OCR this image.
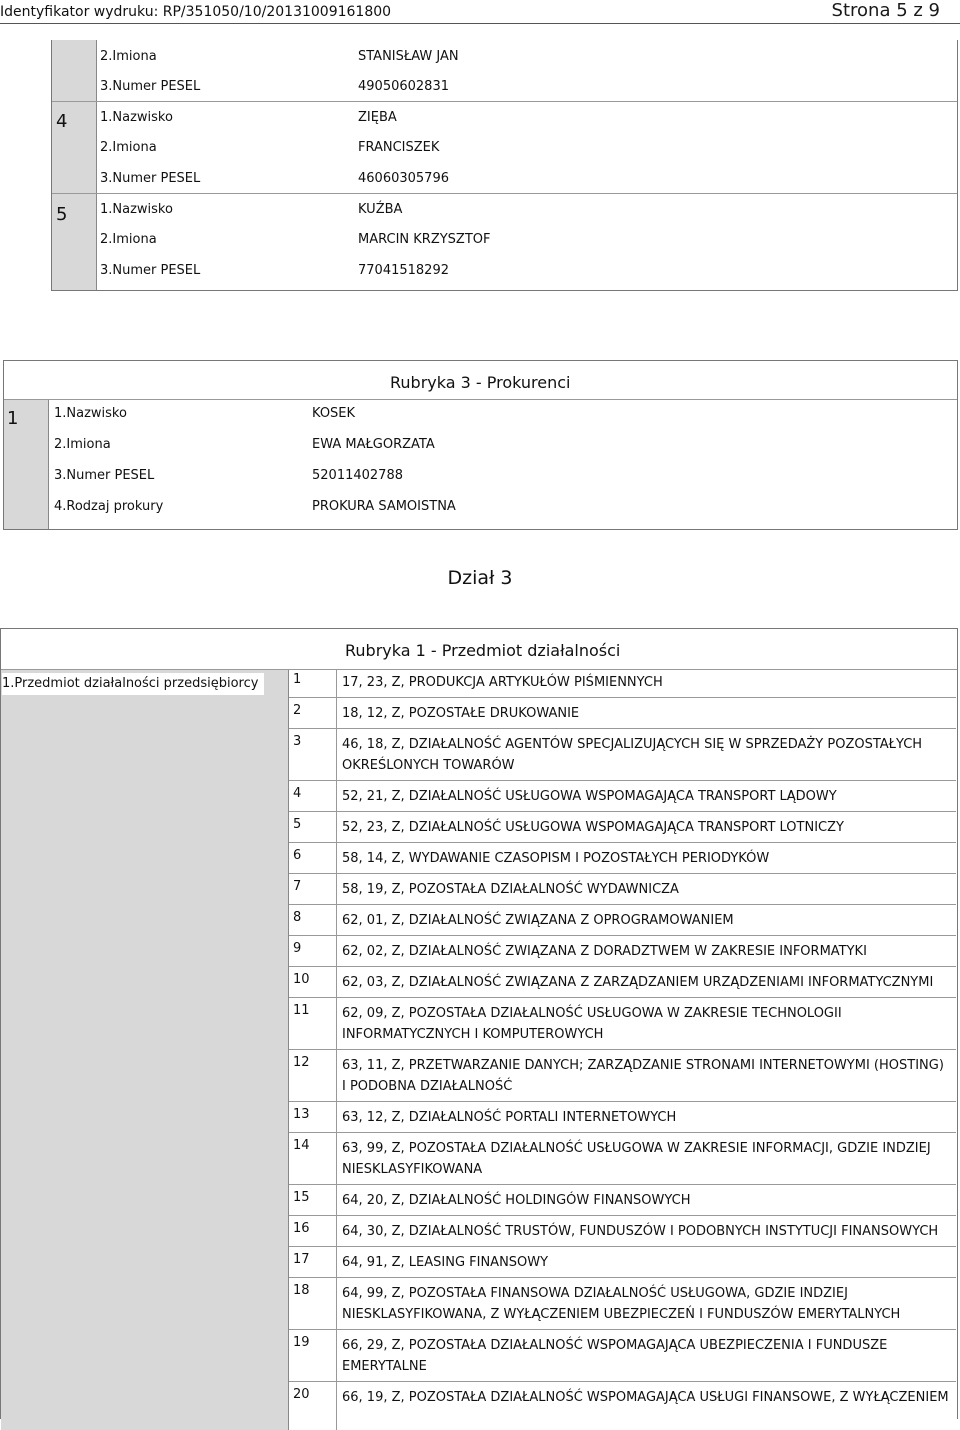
Identyfikator wydruku: RP/351050/10/20131009161800	Strona 5 z 9
2.Imiona	STANISŁAW JAN
3.Numer PESEL	49050602831
4	1.Nazwisko	ZIĘBA
2.Imiona	FRANCISZEK
3.Numer PESEL	46060305796
5	1.Nazwisko	KUŹBA
2.Imiona	MARCIN KRZYSZTOF
3.Numer PESEL	77041518292
Rubryka 3 - Prokurenci
1	1.Nazwisko	KOSEK
2.Imiona	EWA MAŁGORZATA
3.Numer PESEL	52011402788
4.Rodzaj prokury	PROKURA SAMOISTNA
Dział 3
Rubryka 1 - Przedmiot działalności
1.Przedmiot działalności przedsiębiorcy	1	17, 23, Z, PRODUKCJA ARTYKUŁÓW PIŚMIENNYCH
2	18, 12, Z, POZOSTAŁE DRUKOWANIE
3	46, 18, Z, DZIAŁALNOŚĆ AGENTÓW SPECJALIZUJĄCYCH SIĘ W SPRZEDAŻY POZOSTAŁYCH OKREŚLONYCH TOWARÓW
4	52, 21, Z, DZIAŁALNOŚĆ USŁUGOWA WSPOMAGAJĄCA TRANSPORT LĄDOWY
5	52, 23, Z, DZIAŁALNOŚĆ USŁUGOWA WSPOMAGAJĄCA TRANSPORT LOTNICZY
6	58, 14, Z, WYDAWANIE CZASOPISM I POZOSTAŁYCH PERIODYKÓW
7	58, 19, Z, POZOSTAŁA DZIAŁALNOŚĆ WYDAWNICZA
8	62, 01, Z, DZIAŁALNOŚĆ ZWIĄZANA Z OPROGRAMOWANIEM
9	62, 02, Z, DZIAŁALNOŚĆ ZWIĄZANA Z DORADZTWEM W ZAKRESIE INFORMATYKI
10 62, 03, Z, DZIAŁALNOŚĆ ZWIĄZANA Z ZARZĄDZANIEM URZĄDZENIAMI INFORMATYCZNYMI
11 62, 09, Z, POZOSTAŁA DZIAŁALNOŚĆ USŁUGOWA W ZAKRESIE TECHNOLOGII INFORMATYCZNYCH I KOMPUTEROWYCH
12 63, 11, Z, PRZETWARZANIE DANYCH; ZARZĄDZANIE STRONAMI INTERNETOWYMI (HOSTING) I PODOBNA DZIAŁALNOŚĆ
13 63, 12, Z, DZIAŁALNOŚĆ PORTALI INTERNETOWYCH
14 63, 99, Z, POZOSTAŁA DZIAŁALNOŚĆ USŁUGOWA W ZAKRESIE INFORMACJI, GDZIE INDZIEJ NIESKLASYFIKOWANA
15 64, 20, Z, DZIAŁALNOŚĆ HOLDINGÓW FINANSOWYCH
16 64, 30, Z, DZIAŁALNOŚĆ TRUSTÓW, FUNDUSZÓW I PODOBNYCH INSTYTUCJI FINANSOWYCH
17 64, 91, Z, LEASING FINANSOWY
18 64, 99, Z, POZOSTAŁA FINANSOWA DZIAŁALNOŚĆ USŁUGOWA, GDZIE INDZIEJ NIESKLASYFIKOWANA, Z WYŁĄCZENIEM UBEZPIECZEŃ I FUNDUSZÓW EMERYTALNYCH
19 66, 29, Z, POZOSTAŁA DZIAŁALNOŚĆ WSPOMAGAJĄCA UBEZPIECZENIA I FUNDUSZE EMERYTALNE
20 66, 19, Z, POZOSTAŁA DZIAŁALNOŚĆ WSPOMAGAJĄCA USŁUGI FINANSOWE, Z WYŁĄCZENIEM
